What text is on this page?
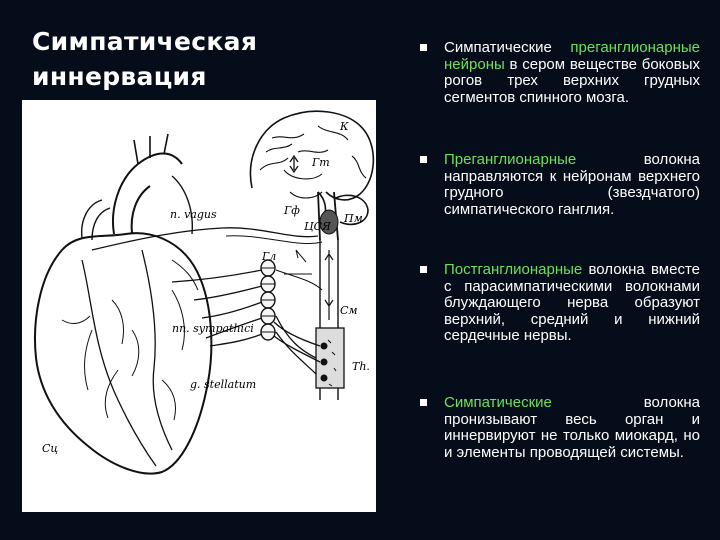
Симпатическая
иннервация
n. vagus
nn. sympathici
g. stellatum
Гф
Гт
Пм
ЦСЯ
Гл
См
Th.
Сц
К
Симпатические преганглионарные нейроны в сером веществе боковых рогов трех верхних грудных сегментов спинного мозга.
Преганглионарные волокна направляются к нейронам верхнего грудного (звездчатого) симпатического ганглия.
Постганглионарные волокна вместе с парасимпатическими волокнами блуждающего нерва образуют верхний, средний и нижний сердечные нервы.
Симпатические волокна пронизывают весь орган и иннервируют не только миокард, но и элементы проводящей системы.
